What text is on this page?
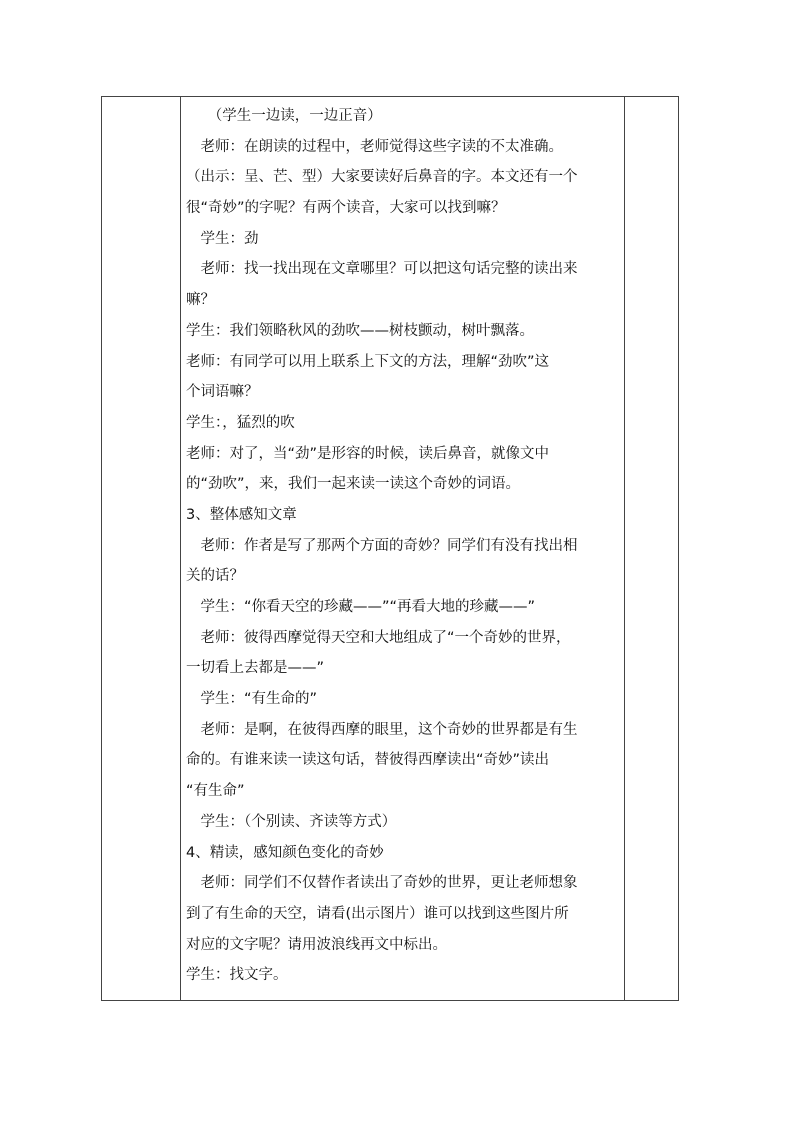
　　（学生一边读，一边正音）
　老师：在朗读的过程中，老师觉得这些字读的不太准确。
（出示：呈、芒、型）大家要读好后鼻音的字。本文还有一个
很“奇妙”的字呢？有两个读音，大家可以找到嘛？
　学生：劲
　老师：找一找出现在文章哪里？可以把这句话完整的读出来
嘛？
学生：我们领略秋风的劲吹——树枝颤动，树叶飘落。
老师：有同学可以用上联系上下文的方法，理解“劲吹”这
个词语嘛？
学生：，猛烈的吹
老师：对了，当“劲”是形容的时候，读后鼻音，就像文中
的“劲吹”，来，我们一起来读一读这个奇妙的词语。
3、整体感知文章
　老师：作者是写了那两个方面的奇妙？同学们有没有找出相
关的话？
　学生：“你看天空的珍藏——”“再看大地的珍藏——”
　老师：彼得西摩觉得天空和大地组成了“一个奇妙的世界，
一切看上去都是——”
　学生：“有生命的”
　老师：是啊，在彼得西摩的眼里，这个奇妙的世界都是有生
命的。有谁来读一读这句话，替彼得西摩读出“奇妙”读出
“有生命”
　学生：（个别读、齐读等方式）
4、精读，感知颜色变化的奇妙
　老师：同学们不仅替作者读出了奇妙的世界，更让老师想象
到了有生命的天空，请看(出示图片）谁可以找到这些图片所
对应的文字呢？请用波浪线再文中标出。
学生：找文字。
